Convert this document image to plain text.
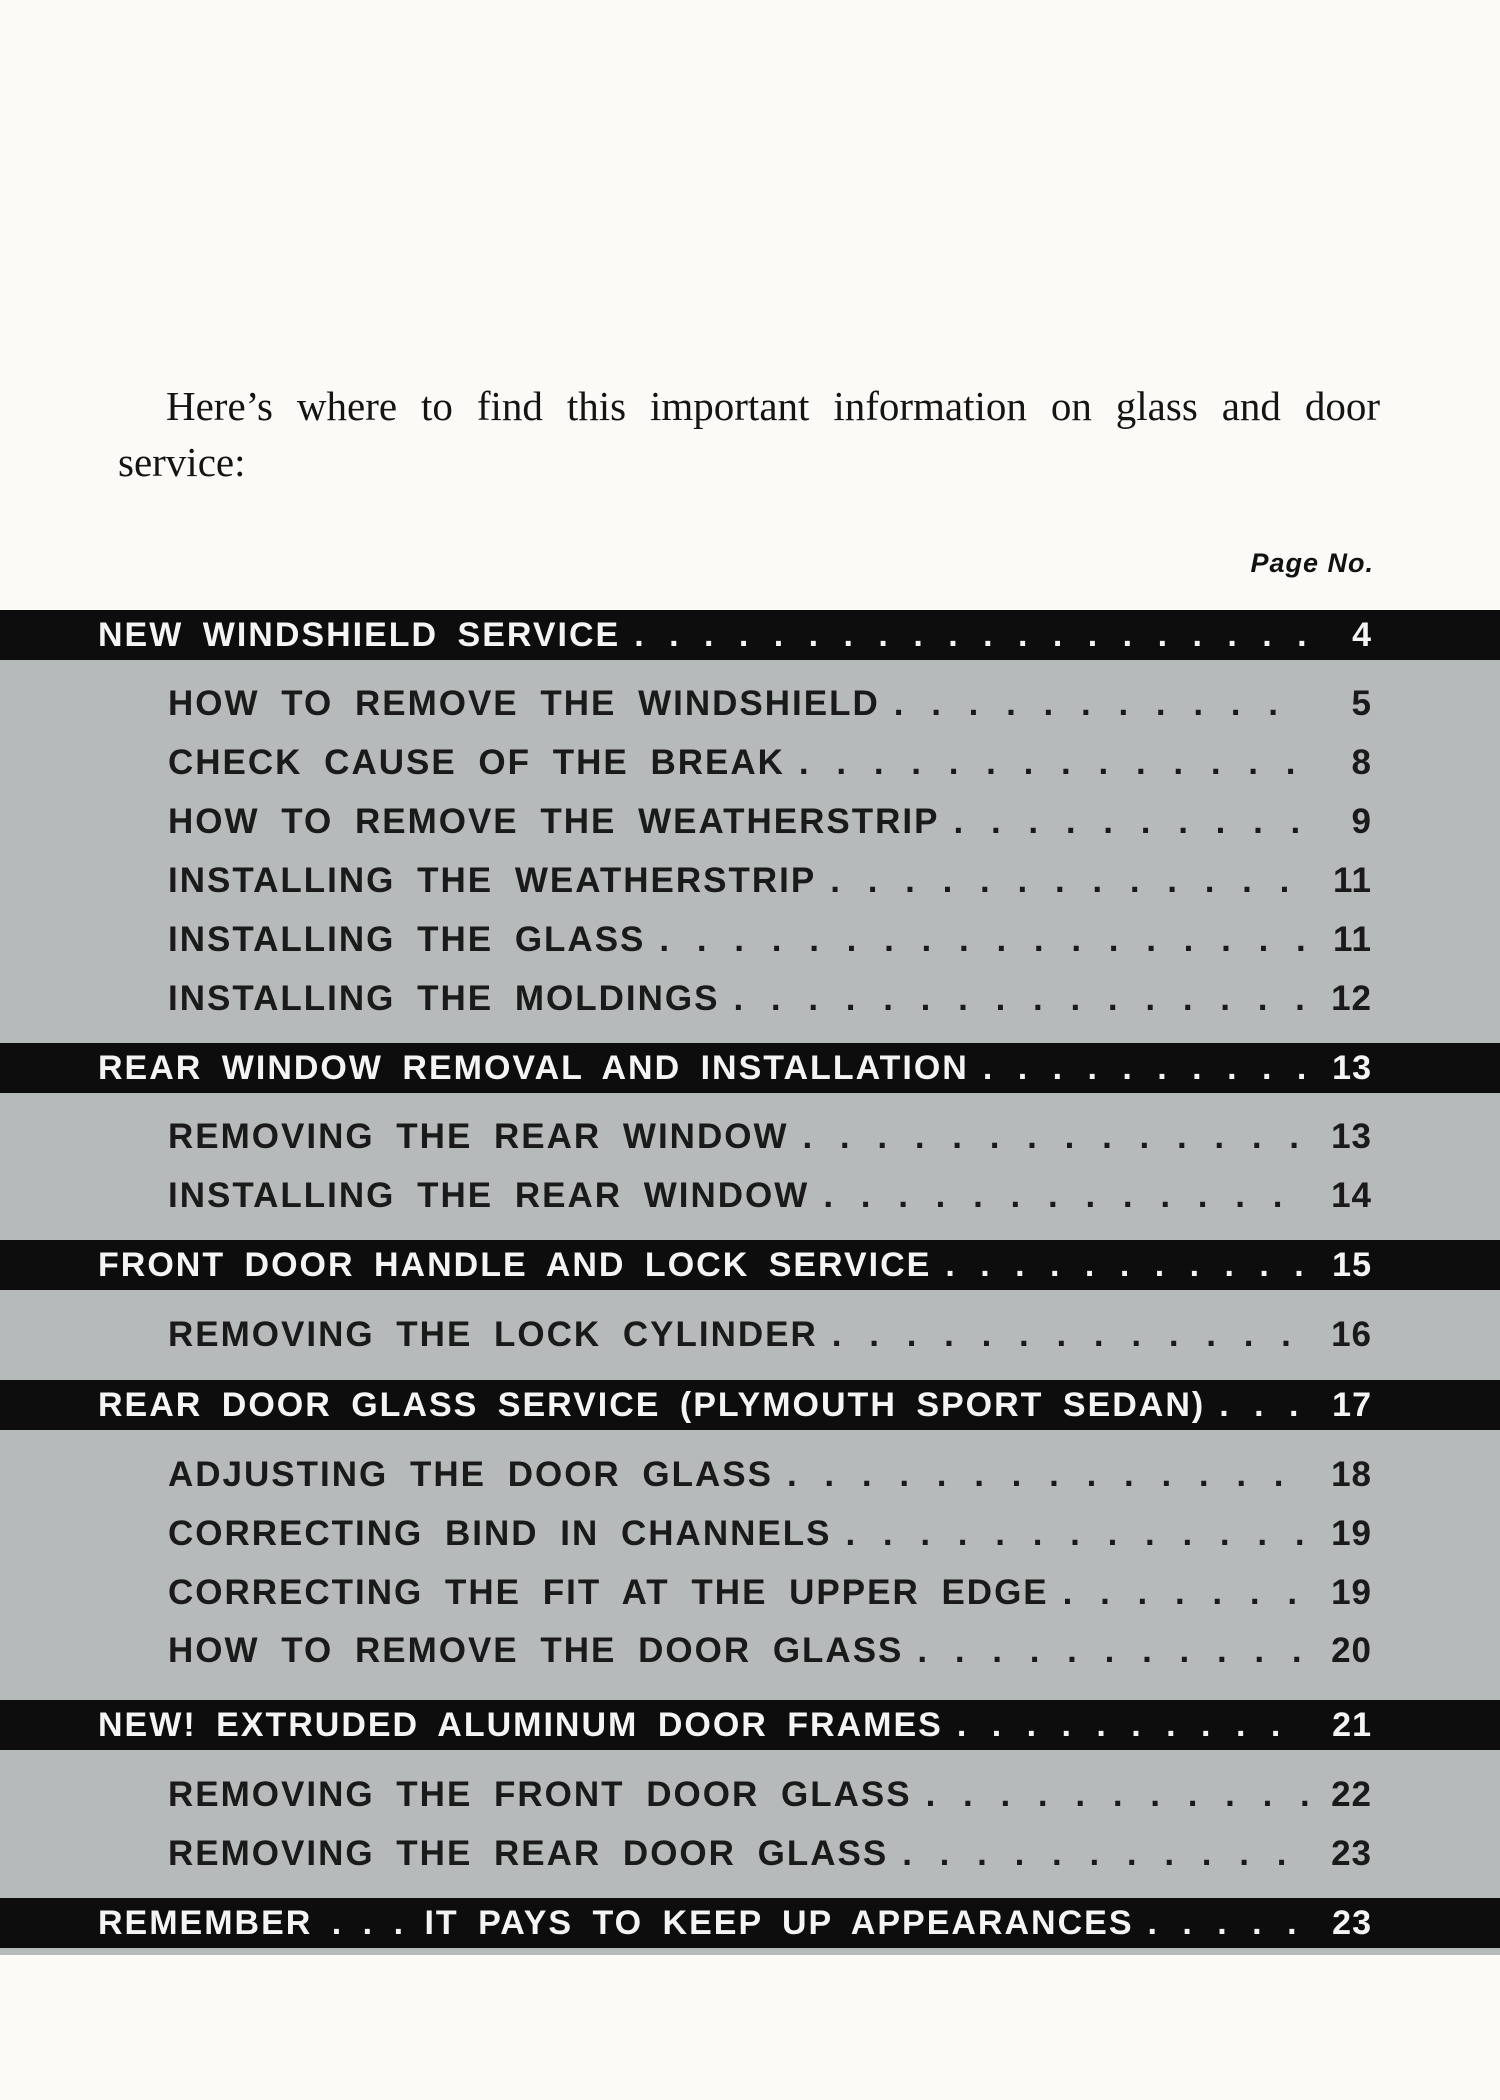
Here’s where to find this important information on glass and door service:

Page No.
NEW WINDSHIELD SERVICE . . .	4
HOW TO REMOVE THE WINDSHIELD . . .	5
CHECK CAUSE OF THE BREAK . . .	8
HOW TO REMOVE THE WEATHERSTRIP . . .	9
INSTALLING THE WEATHERSTRIP . . .	11
INSTALLING THE GLASS . . .	11
INSTALLING THE MOLDINGS . . .	12
REAR WINDOW REMOVAL AND INSTALLATION . . .	13
REMOVING THE REAR WINDOW . . .	13
INSTALLING THE REAR WINDOW . . .	14
FRONT DOOR HANDLE AND LOCK SERVICE . . .	15
REMOVING THE LOCK CYLINDER . . .	16
REAR DOOR GLASS SERVICE (PLYMOUTH SPORT SEDAN) . . .	17
ADJUSTING THE DOOR GLASS . . .	18
CORRECTING BIND IN CHANNELS . . .	19
CORRECTING THE FIT AT THE UPPER EDGE . . .	19
HOW TO REMOVE THE DOOR GLASS . . .	20
NEW! EXTRUDED ALUMINUM DOOR FRAMES . . .	21
REMOVING THE FRONT DOOR GLASS . . .	22
REMOVING THE REAR DOOR GLASS . . .	23
REMEMBER . . . IT PAYS TO KEEP UP APPEARANCES . . .	23
